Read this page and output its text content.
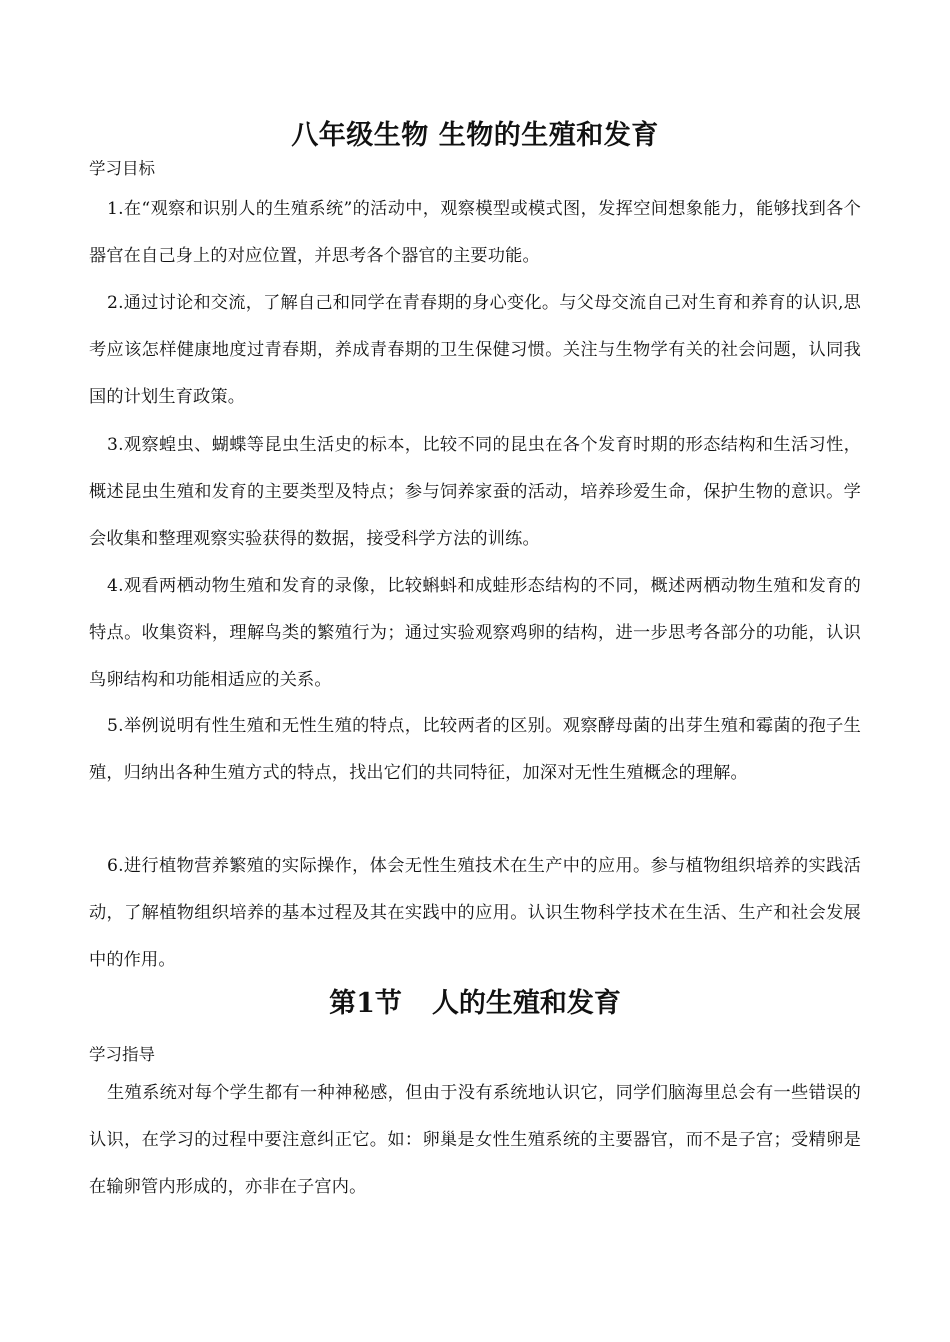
八年级生物 生物的生殖和发育
学习目标

1.在“观察和识别人的生殖系统”的活动中，观察模型或模式图，发挥空间想象能力，能够找到各个器官在自己身上的对应位置，并思考各个器官的主要功能。

2.通过讨论和交流，了解自己和同学在青春期的身心变化。与父母交流自己对生育和养育的认识,思考应该怎样健康地度过青春期，养成青春期的卫生保健习惯。关注与生物学有关的社会问题，认同我国的计划生育政策。

3.观察蝗虫、蝴蝶等昆虫生活史的标本，比较不同的昆虫在各个发育时期的形态结构和生活习性，概述昆虫生殖和发育的主要类型及特点；参与饲养家蚕的活动，培养珍爱生命，保护生物的意识。学会收集和整理观察实验获得的数据，接受科学方法的训练。

4.观看两栖动物生殖和发育的录像，比较蝌蚪和成蛙形态结构的不同，概述两栖动物生殖和发育的特点。收集资料，理解鸟类的繁殖行为；通过实验观察鸡卵的结构，进一步思考各部分的功能，认识鸟卵结构和功能相适应的关系。

5.举例说明有性生殖和无性生殖的特点，比较两者的区别。观察酵母菌的出芽生殖和霉菌的孢子生殖，归纳出各种生殖方式的特点，找出它们的共同特征，加深对无性生殖概念的理解。

6.进行植物营养繁殖的实际操作，体会无性生殖技术在生产中的应用。参与植物组织培养的实践活动，了解植物组织培养的基本过程及其在实践中的应用。认识生物科学技术在生活、生产和社会发展中的作用。

第1节 人的生殖和发育
学习指导

生殖系统对每个学生都有一种神秘感，但由于没有系统地认识它，同学们脑海里总会有一些错误的认识，在学习的过程中要注意纠正它。如：卵巢是女性生殖系统的主要器官，而不是子宫；受精卵是在输卵管内形成的，亦非在子宫内。
